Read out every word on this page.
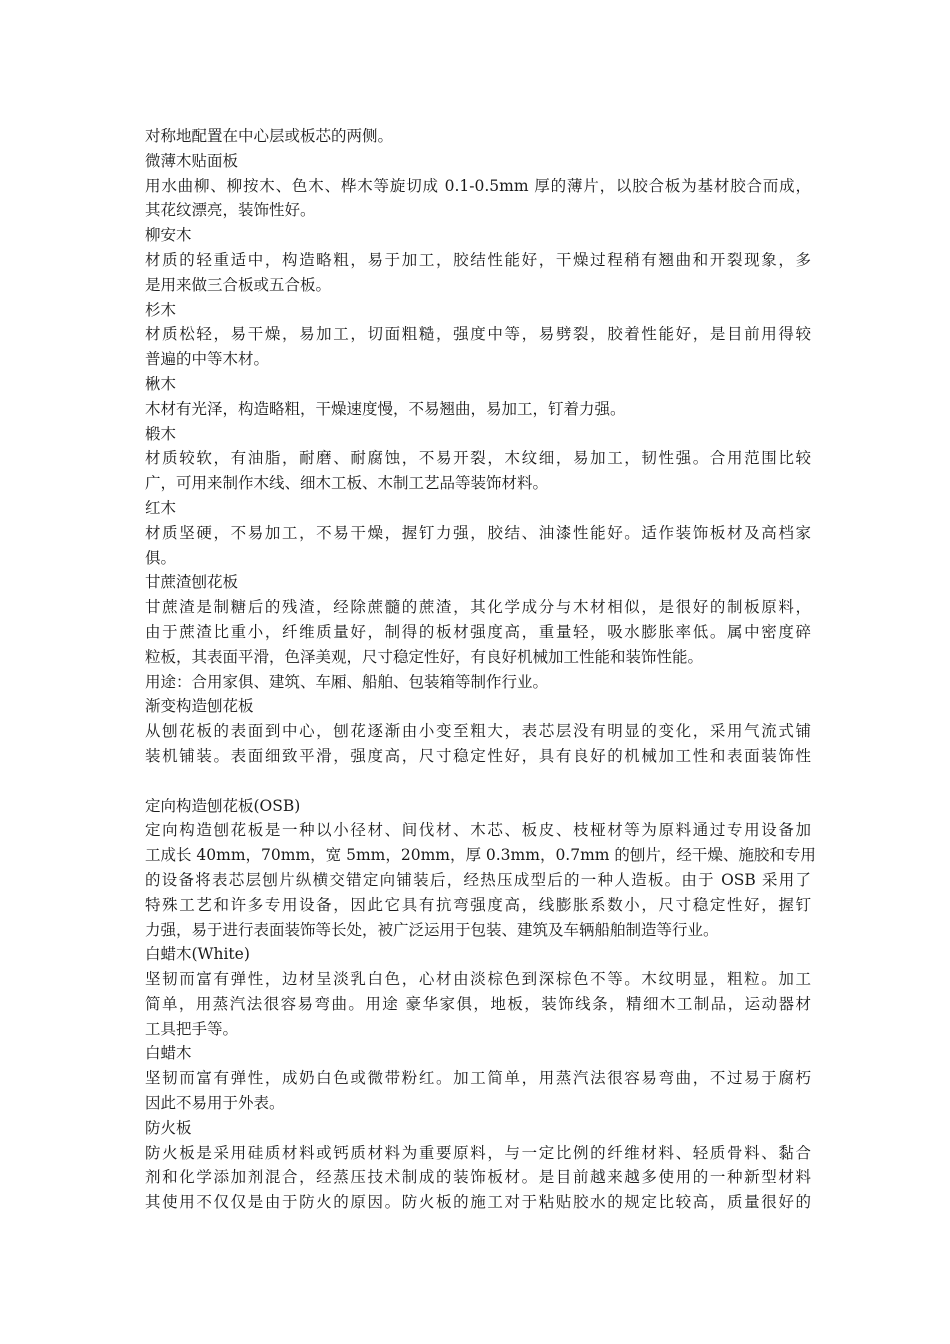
对称地配置在中心层或板芯的两侧。
微薄木贴面板
用水曲柳、柳按木、色木、桦木等旋切成 0.1-0.5mm 厚的薄片，以胶合板为基材胶合而成，
其花纹漂亮，装饰性好。
柳安木
材质的轻重适中，构造略粗，易于加工，胶结性能好，干燥过程稍有翘曲和开裂现象，多
是用来做三合板或五合板。
杉木
材质松轻，易干燥，易加工，切面粗糙，强度中等，易劈裂，胶着性能好，是目前用得较
普遍的中等木材。
楸木
木材有光泽，构造略粗，干燥速度慢，不易翘曲，易加工，钉着力强。
椴木
材质较软，有油脂，耐磨、耐腐蚀，不易开裂，木纹细，易加工，韧性强。合用范围比较
广，可用来制作木线、细木工板、木制工艺品等装饰材料。
红木
材质坚硬，不易加工，不易干燥，握钉力强，胶结、油漆性能好。适作装饰板材及高档家
俱。
甘蔗渣刨花板
甘蔗渣是制糖后的残渣，经除蔗髓的蔗渣，其化学成分与木材相似，是很好的制板原料，
由于蔗渣比重小，纤维质量好，制得的板材强度高，重量轻，吸水膨胀率低。属中密度碎
粒板，其表面平滑，色泽美观，尺寸稳定性好，有良好机械加工性能和装饰性能。
用途：合用家俱、建筑、车厢、船舶、包装箱等制作行业。
渐变构造刨花板
从刨花板的表面到中心，刨花逐渐由小变至粗大，表芯层没有明显的变化，采用气流式铺
装机铺装。表面细致平滑，强度高，尺寸稳定性好，具有良好的机械加工性和表面装饰性
定向构造刨花板(OSB)
定向构造刨花板是一种以小径材、间伐材、木芯、板皮、枝桠材等为原料通过专用设备加
工成长 40mm，70mm，宽 5mm，20mm，厚 0.3mm，0.7mm 的刨片，经干燥、施胶和专用
的设备将表芯层刨片纵横交错定向铺装后，经热压成型后的一种人造板。由于 OSB 采用了
特殊工艺和许多专用设备，因此它具有抗弯强度高，线膨胀系数小，尺寸稳定性好，握钉
力强，易于进行表面装饰等长处，被广泛运用于包装、建筑及车辆船舶制造等行业。
白蜡木(White)
坚韧而富有弹性，边材呈淡乳白色，心材由淡棕色到深棕色不等。木纹明显，粗粒。加工
简单，用蒸汽法很容易弯曲。用途 豪华家俱，地板，装饰线条，精细木工制品，运动器材
工具把手等。
白蜡木
坚韧而富有弹性，成奶白色或微带粉红。加工简单，用蒸汽法很容易弯曲，不过易于腐朽
因此不易用于外表。
防火板
防火板是采用硅质材料或钙质材料为重要原料，与一定比例的纤维材料、轻质骨料、黏合
剂和化学添加剂混合，经蒸压技术制成的装饰板材。是目前越来越多使用的一种新型材料
其使用不仅仅是由于防火的原因。防火板的施工对于粘贴胶水的规定比较高，质量很好的
